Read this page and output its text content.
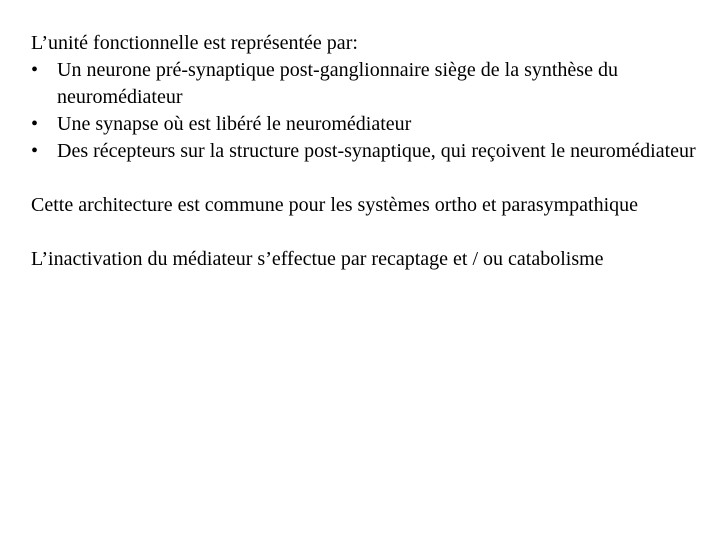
L’unité fonctionnelle est représentée par:

• Un neurone pré-synaptique post-ganglionnaire siège de la synthèse du neuromédiateur
• Une synapse où est libéré le neuromédiateur
• Des récepteurs sur la structure post-synaptique, qui reçoivent le neuromédiateur

Cette architecture est commune pour les systèmes ortho et parasympathique

L’inactivation du médiateur s’effectue par recaptage et / ou catabolisme
